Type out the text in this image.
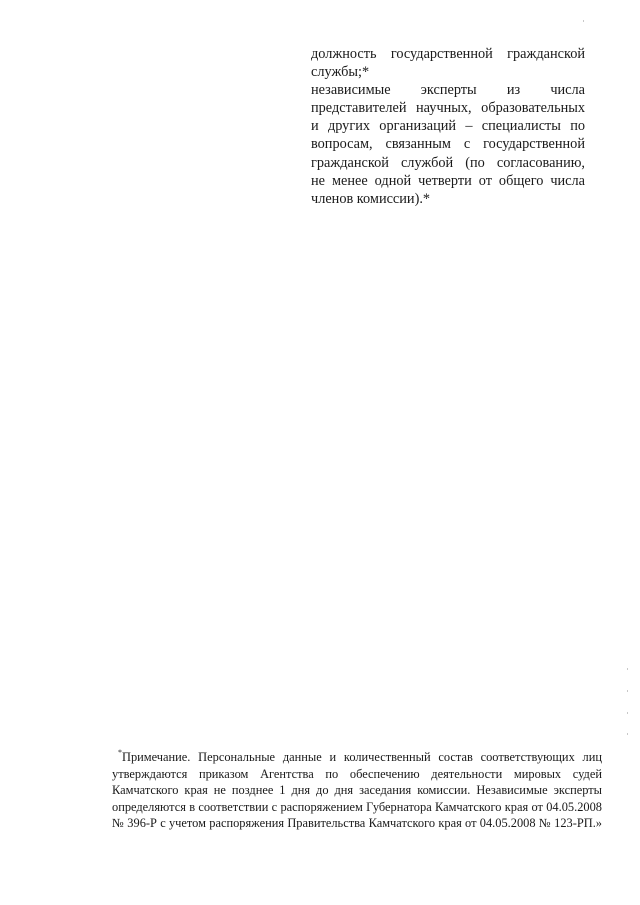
должность государственной гражданской
службы;*
независимые эксперты из числа
представителей научных, образовательных
и других организаций – специалисты по
вопросам, связанным с государственной
гражданской службой (по согласованию,
не менее одной четверти от общего числа
членов комиссии).*
*Примечание. Персональные данные и количественный состав соответствующих лиц
утверждаются приказом Агентства по обеспечению деятельности мировых судей
Камчатского края не позднее 1 дня до дня заседания комиссии. Независимые эксперты
определяются в соответствии с распоряжением Губернатора Камчатского края от 04.05.2008
№ 396-Р с учетом распоряжения Правительства Камчатского края от 04.05.2008 № 123-РП.»
